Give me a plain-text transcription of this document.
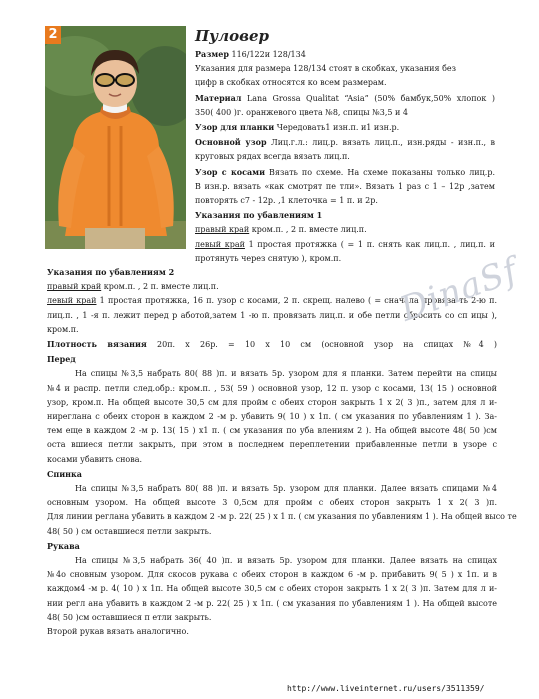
2	Пуловер
Размер 116/122и 128/134
Указания для размера 128/134 стоят в скобках, указания без
цифр в скобках относятся ко всем размерам.
Материал Lana Grossa Qualitat “Asia” (50% бамбук,50% хлопок )
350( 400 )г. оранжевого цвета №8, спицы №3,5 и 4
Узор для планки Чередовать1 изн.п. и1 изн.р.
Основной узор Лиц.г.л.: лиц.р. вязать лиц.п., изн.ряды - изн.п., в
круговых рядах всегда вязать лиц.п.
Узор с косами Вязать по схеме. На схеме показаны только лиц.р.
В изн.р. вязать «как смотрят пе тли». Вязать 1 раз с 1 – 12р ,затем
повторять с7 - 12р. ,1 клеточка = 1 п. и 2р.
Указания по убавлениям 1
правый край кром.п. , 2 п. вместе лиц.п.
левый край 1 простая протяжка ( = 1 п. снять как лиц.п. , лиц.п. и
протянуть через снятую ), кром.п.
Указания по убавлениям 2
правый край кром.п. , 2 п. вместе лиц.п.
левый край 1 простая протяжка, 16 п. узор с косами, 2 п. скрещ. налево ( = сначала провяза ть 2-ю п.
лиц.п. , 1 -я п. лежит перед р аботой,затем 1 -ю п. провязать лиц.п. и обе петли сбросить со сп ицы ),
кром.п.
Плотность вязания 20п. х 26р. = 10 х 10 см (основной узор на спицах №4 )
Перед
На спицы №3,5 набрать 80( 88 )п. и вязать 5р. узором для я планки. Затем перейти на спицы
№4 и распр. петли след.обр.: кром.п. , 53( 59 ) основной узор, 12 п. узор с косами, 13( 15 ) основной
узор, кром.п. На общей высоте 30,5 см для пройм с обеих сторон закрыть 1 х 2( 3 )п., затем для л и-
ниреглана с обеих сторон в каждом 2 -м р. убавить 9( 10 ) х 1п. ( см указания по убавлениям 1 ). За-
тем еще в каждом 2 -м р. 13( 15 ) х1 п. ( см указания по уба влениям 2 ). На общей высоте 48( 50 )см
оста вшиеся петли закрыть, при этом в последнем переплетении прибавленные петли в узоре с
косами убавить снова.
Спинка
На спицы №3,5 набрать 80( 88 )п. и вязать 5р. узором для планки. Далее вязать спицами №4
основным узором. На общей высоте 3 0,5см для пройм с обеих сторон закрыть 1 х 2( 3 )п.
Для линии реглана убавить в каждом 2 -м р. 22( 25 ) х 1 п. ( см указания по убавлениям 1 ). На общей высо те
48( 50 ) см оставшиеся петли закрыть.
Рукава
На спицы №3,5 набрать 36( 40 )п. и вязать 5р. узором для планки. Далее вязать на спицах
№4о сновным узором. Для скосов рукава с обеих сторон в каждом 6 -м р. прибавить 9( 5 ) х 1п. и в
каждом4 -м р. 4( 10 ) х 1п. На общей высоте 30,5 см с обеих сторон закрыть 1 х 2( 3 )п. Затем для л и-
нии регл ана убавить в каждом 2 -м р. 22( 25 ) х 1п. ( см указания по убавлениям 1 ). На общей высоте
48( 50 )см оставшиеся п етли закрыть.
Второй рукав вязать аналогично.
DinaSf
http://www.liveinternet.ru/users/3511359/
